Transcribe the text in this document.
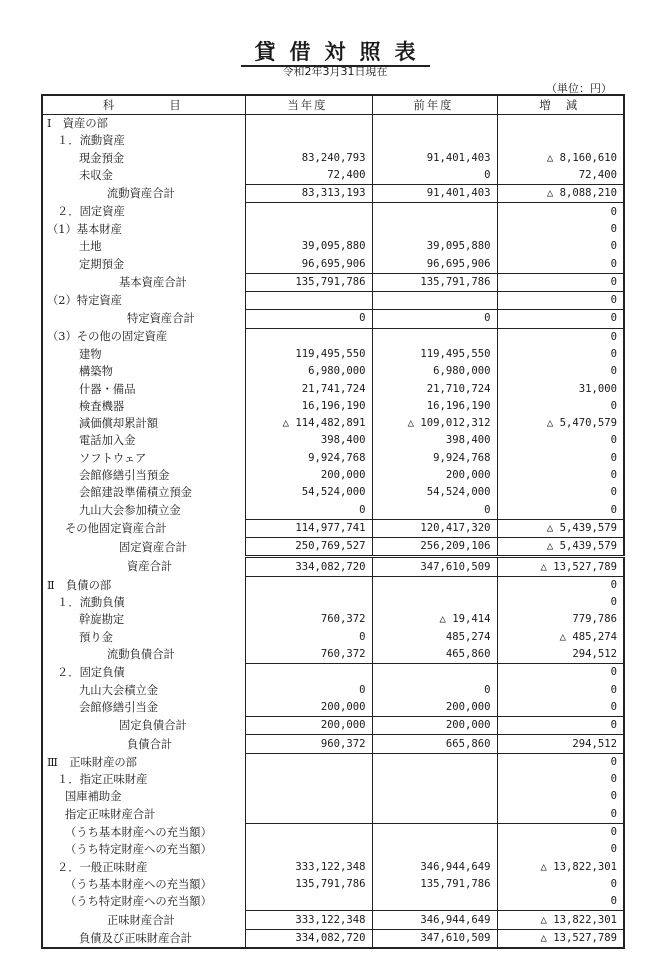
貸借対照表
令和2年3月31日現在
（単位：円）
科　　　　目	当年度	前年度	増　減
Ⅰ　資産の部			
１．流動資産			
現金預金	83,240,793	91,401,403	△ 8,160,610
未収金	72,400	0	72,400
流動資産合計	83,313,193	91,401,403	△ 8,088,210
２．固定資産			0
（1）基本財産			0
土地	39,095,880	39,095,880	0
定期預金	96,695,906	96,695,906	0
基本資産合計	135,791,786	135,791,786	0
（2）特定資産			0
特定資産合計	0	0	0
（3）その他の固定資産			0
建物	119,495,550	119,495,550	0
構築物	6,980,000	6,980,000	0
什器・備品	21,741,724	21,710,724	31,000
検査機器	16,196,190	16,196,190	0
減価償却累計額	△ 114,482,891	△ 109,012,312	△ 5,470,579
電話加入金	398,400	398,400	0
ソフトウェア	9,924,768	9,924,768	0
会館修繕引当預金	200,000	200,000	0
会館建設準備積立預金	54,524,000	54,524,000	0
九山大会参加積立金	0	0	0
その他固定資産合計	114,977,741	120,417,320	△ 5,439,579
固定資産合計	250,769,527	256,209,106	△ 5,439,579
資産合計	334,082,720	347,610,509	△ 13,527,789
Ⅱ　負債の部			0
１．流動負債			0
幹旋勘定	760,372	△ 19,414	779,786
預り金	0	485,274	△ 485,274
流動負債合計	760,372	465,860	294,512
２．固定負債			0
九山大会積立金	0	0	0
会館修繕引当金	200,000	200,000	0
固定負債合計	200,000	200,000	0
負債合計	960,372	665,860	294,512
Ⅲ　正味財産の部			0
１．指定正味財産			0
国庫補助金			0
指定正味財産合計			0
（うち基本財産への充当額）			0
（うち特定財産への充当額）			0
２．一般正味財産	333,122,348	346,944,649	△ 13,822,301
（うち基本財産への充当額）	135,791,786	135,791,786	0
（うち特定財産への充当額）			0
正味財産合計	333,122,348	346,944,649	△ 13,822,301
負債及び正味財産合計	334,082,720	347,610,509	△ 13,527,789
